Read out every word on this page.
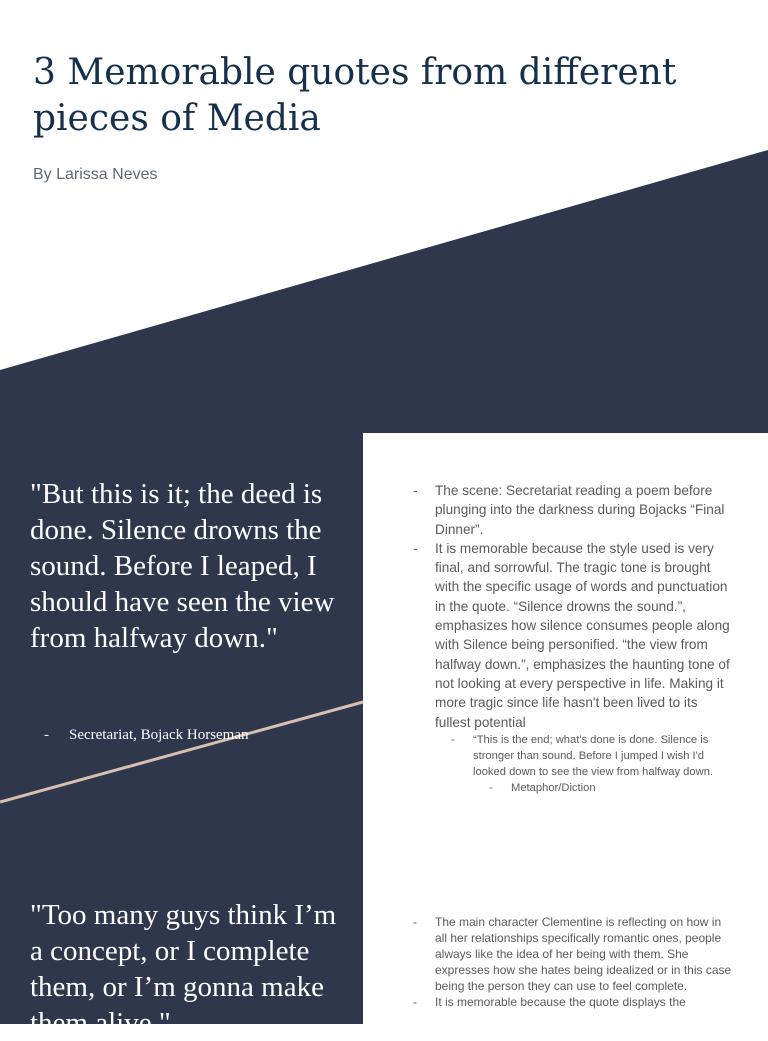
3 Memorable quotes from different pieces of Media

By Larissa Neves

"But this is it; the deed is done. Silence drowns the sound. Before I leaped, I should have seen the view from halfway down."

- Secretariat, Bojack Horseman

"Too many guys think I’m a concept, or I complete them, or I’m gonna make them alive."

- The scene: Secretariat reading a poem before plunging into the darkness during Bojacks “Final Dinner”.
- It is memorable because the style used is very final, and sorrowful. The tragic tone is brought with the specific usage of words and punctuation in the quote. “Silence drowns the sound.”, emphasizes how silence consumes people along with Silence being personified. “the view from halfway down.”, emphasizes the haunting tone of not looking at every perspective in life. Making it more tragic since life hasn't been lived to its fullest potential
- “This is the end; what's done is done. Silence is stronger than sound. Before I jumped I wish I'd looked down to see the view from halfway down.
- Metaphor/Diction
- The main character Clementine is reflecting on how in all her relationships specifically romantic ones, people always like the idea of her being with them. She expresses how she hates being idealized or in this case being the person they can use to feel complete.
- It is memorable because the quote displays the
